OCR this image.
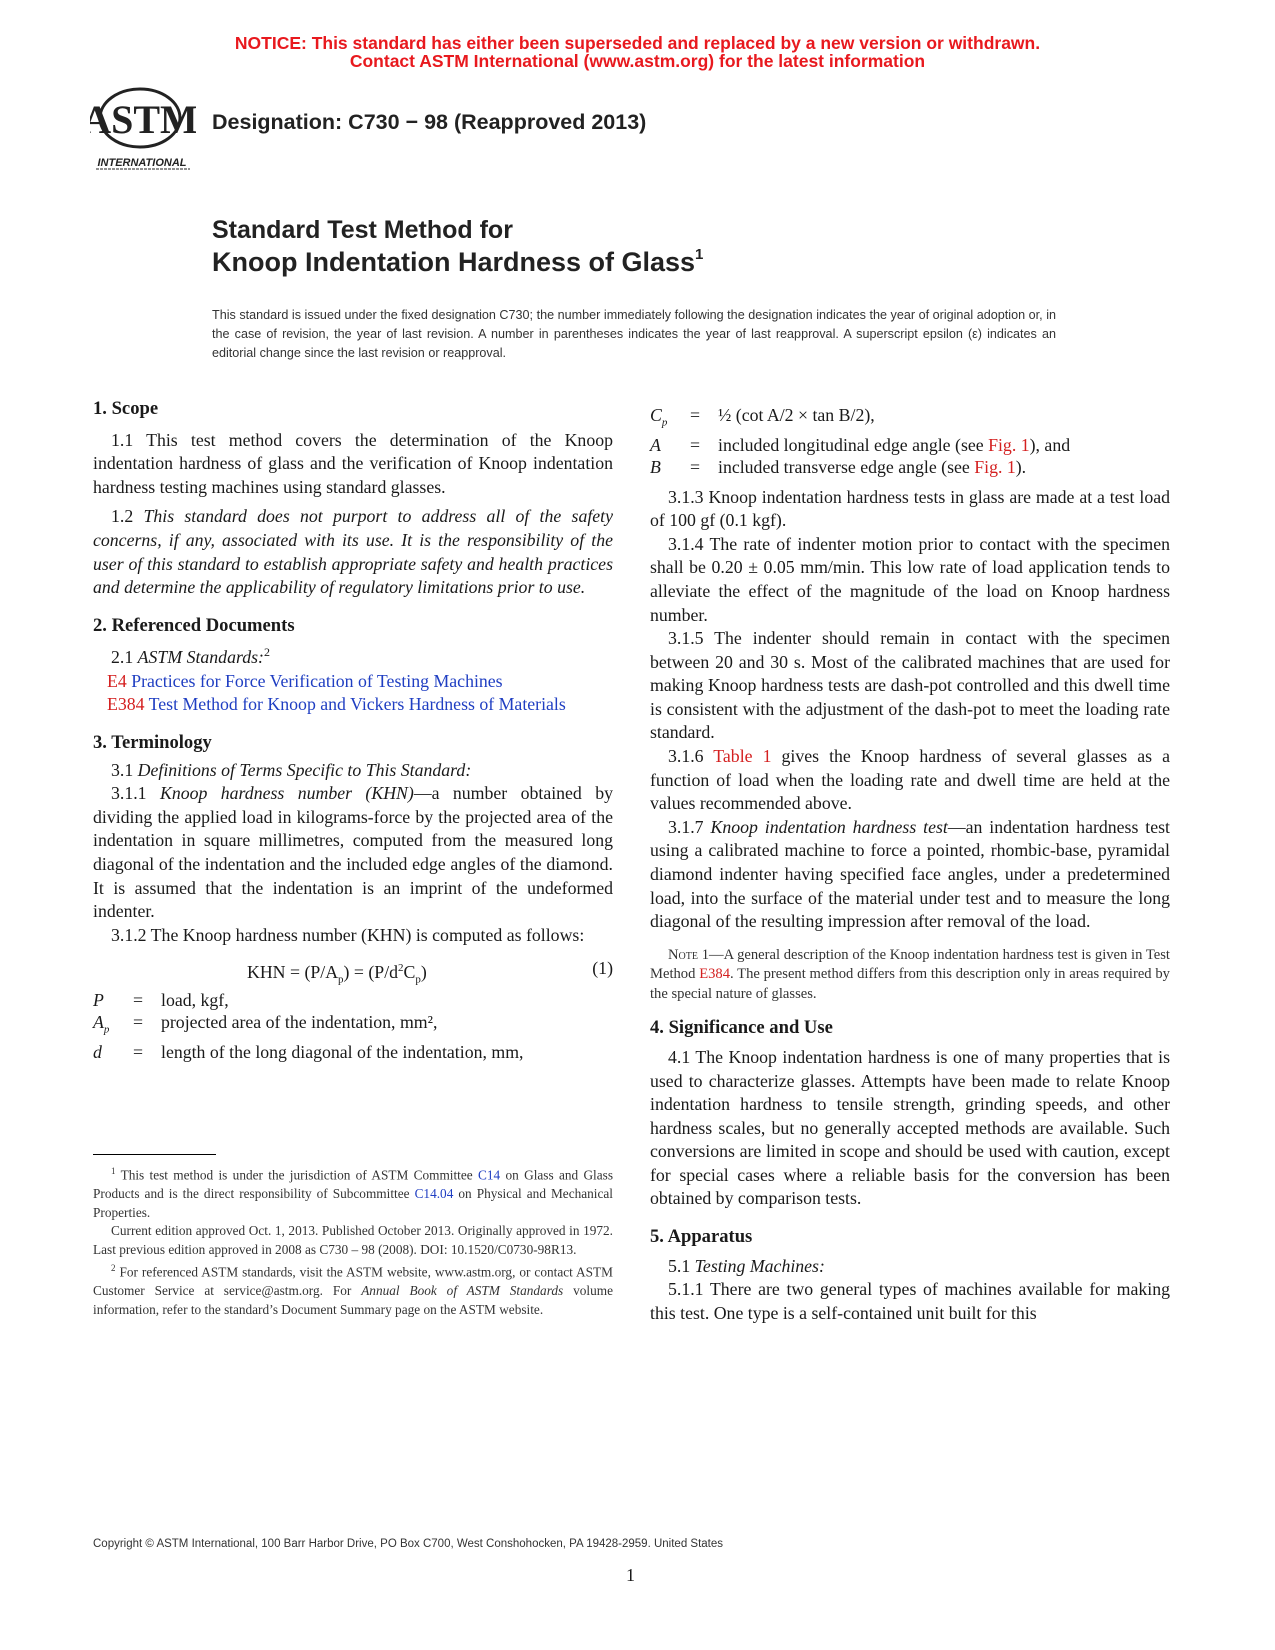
NOTICE: This standard has either been superseded and replaced by a new version or withdrawn.
Contact ASTM International (www.astm.org) for the latest information
ASTM
INTERNATIONAL
Designation: C730 − 98 (Reapproved 2013)
Standard Test Method for
Knoop Indentation Hardness of Glass$^1$
This standard is issued under the fixed designation C730; the number immediately following the designation indicates the year of original adoption or, in the case of revision, the year of last revision. A number in parentheses indicates the year of last reapproval. A superscript epsilon (ε) indicates an editorial change since the last revision or reapproval.

1. Scope

1.1 This test method covers the determination of the Knoop indentation hardness of glass and the verification of Knoop indentation hardness testing machines using standard glasses.

1.2 This standard does not purport to address all of the safety concerns, if any, associated with its use. It is the responsibility of the user of this standard to establish appropriate safety and health practices and determine the applicability of regulatory limitations prior to use.

2. Referenced Documents

2.1 ASTM Standards:$^2$

E4 Practices for Force Verification of Testing Machines

E384 Test Method for Knoop and Vickers Hardness of Materials

3. Terminology

3.1 Definitions of Terms Specific to This Standard:

3.1.1 Knoop hardness number (KHN)—a number obtained by dividing the applied load in kilograms-force by the projected area of the indentation in square millimetres, computed from the measured long diagonal of the indentation and the included edge angles of the diamond. It is assumed that the indentation is an imprint of the undeformed indenter.

3.1.2 The Knoop hardness number (KHN) is computed as follows:

KHN = $(P/A_p) = (P/d^2C_p)$	(1)
P	=	load, kgf,
$A_p$	=	projected area of the indentation, mm²,
d	=	length of the long diagonal of the indentation, mm,

$^1$ This test method is under the jurisdiction of ASTM Committee C14 on Glass and Glass Products and is the direct responsibility of Subcommittee C14.04 on Physical and Mechanical Properties.

Current edition approved Oct. 1, 2013. Published October 2013. Originally approved in 1972. Last previous edition approved in 2008 as C730 – 98 (2008). DOI: 10.1520/C0730-98R13.

$^2$ For referenced ASTM standards, visit the ASTM website, www.astm.org, or contact ASTM Customer Service at service@astm.org. For Annual Book of ASTM Standards volume information, refer to the standard’s Document Summary page on the ASTM website.

$C_p$	=	½ (cot A/2 × tan B/2),
A	=	included longitudinal edge angle (see Fig. 1), and
B	=	included transverse edge angle (see Fig. 1).

3.1.3 Knoop indentation hardness tests in glass are made at a test load of 100 gf (0.1 kgf).

3.1.4 The rate of indenter motion prior to contact with the specimen shall be 0.20 ± 0.05 mm/min. This low rate of load application tends to alleviate the effect of the magnitude of the load on Knoop hardness number.

3.1.5 The indenter should remain in contact with the specimen between 20 and 30 s. Most of the calibrated machines that are used for making Knoop hardness tests are dash-pot controlled and this dwell time is consistent with the adjustment of the dash-pot to meet the loading rate standard.

3.1.6 Table 1 gives the Knoop hardness of several glasses as a function of load when the loading rate and dwell time are held at the values recommended above.

3.1.7 Knoop indentation hardness test—an indentation hardness test using a calibrated machine to force a pointed, rhombic-base, pyramidal diamond indenter having specified face angles, under a predetermined load, into the surface of the material under test and to measure the long diagonal of the resulting impression after removal of the load.

Note 1—A general description of the Knoop indentation hardness test is given in Test Method E384. The present method differs from this description only in areas required by the special nature of glasses.

4. Significance and Use

4.1 The Knoop indentation hardness is one of many properties that is used to characterize glasses. Attempts have been made to relate Knoop indentation hardness to tensile strength, grinding speeds, and other hardness scales, but no generally accepted methods are available. Such conversions are limited in scope and should be used with caution, except for special cases where a reliable basis for the conversion has been obtained by comparison tests.

5. Apparatus

5.1 Testing Machines:

5.1.1 There are two general types of machines available for making this test. One type is a self-contained unit built for this

Copyright © ASTM International, 100 Barr Harbor Drive, PO Box C700, West Conshohocken, PA 19428-2959. United States
1
